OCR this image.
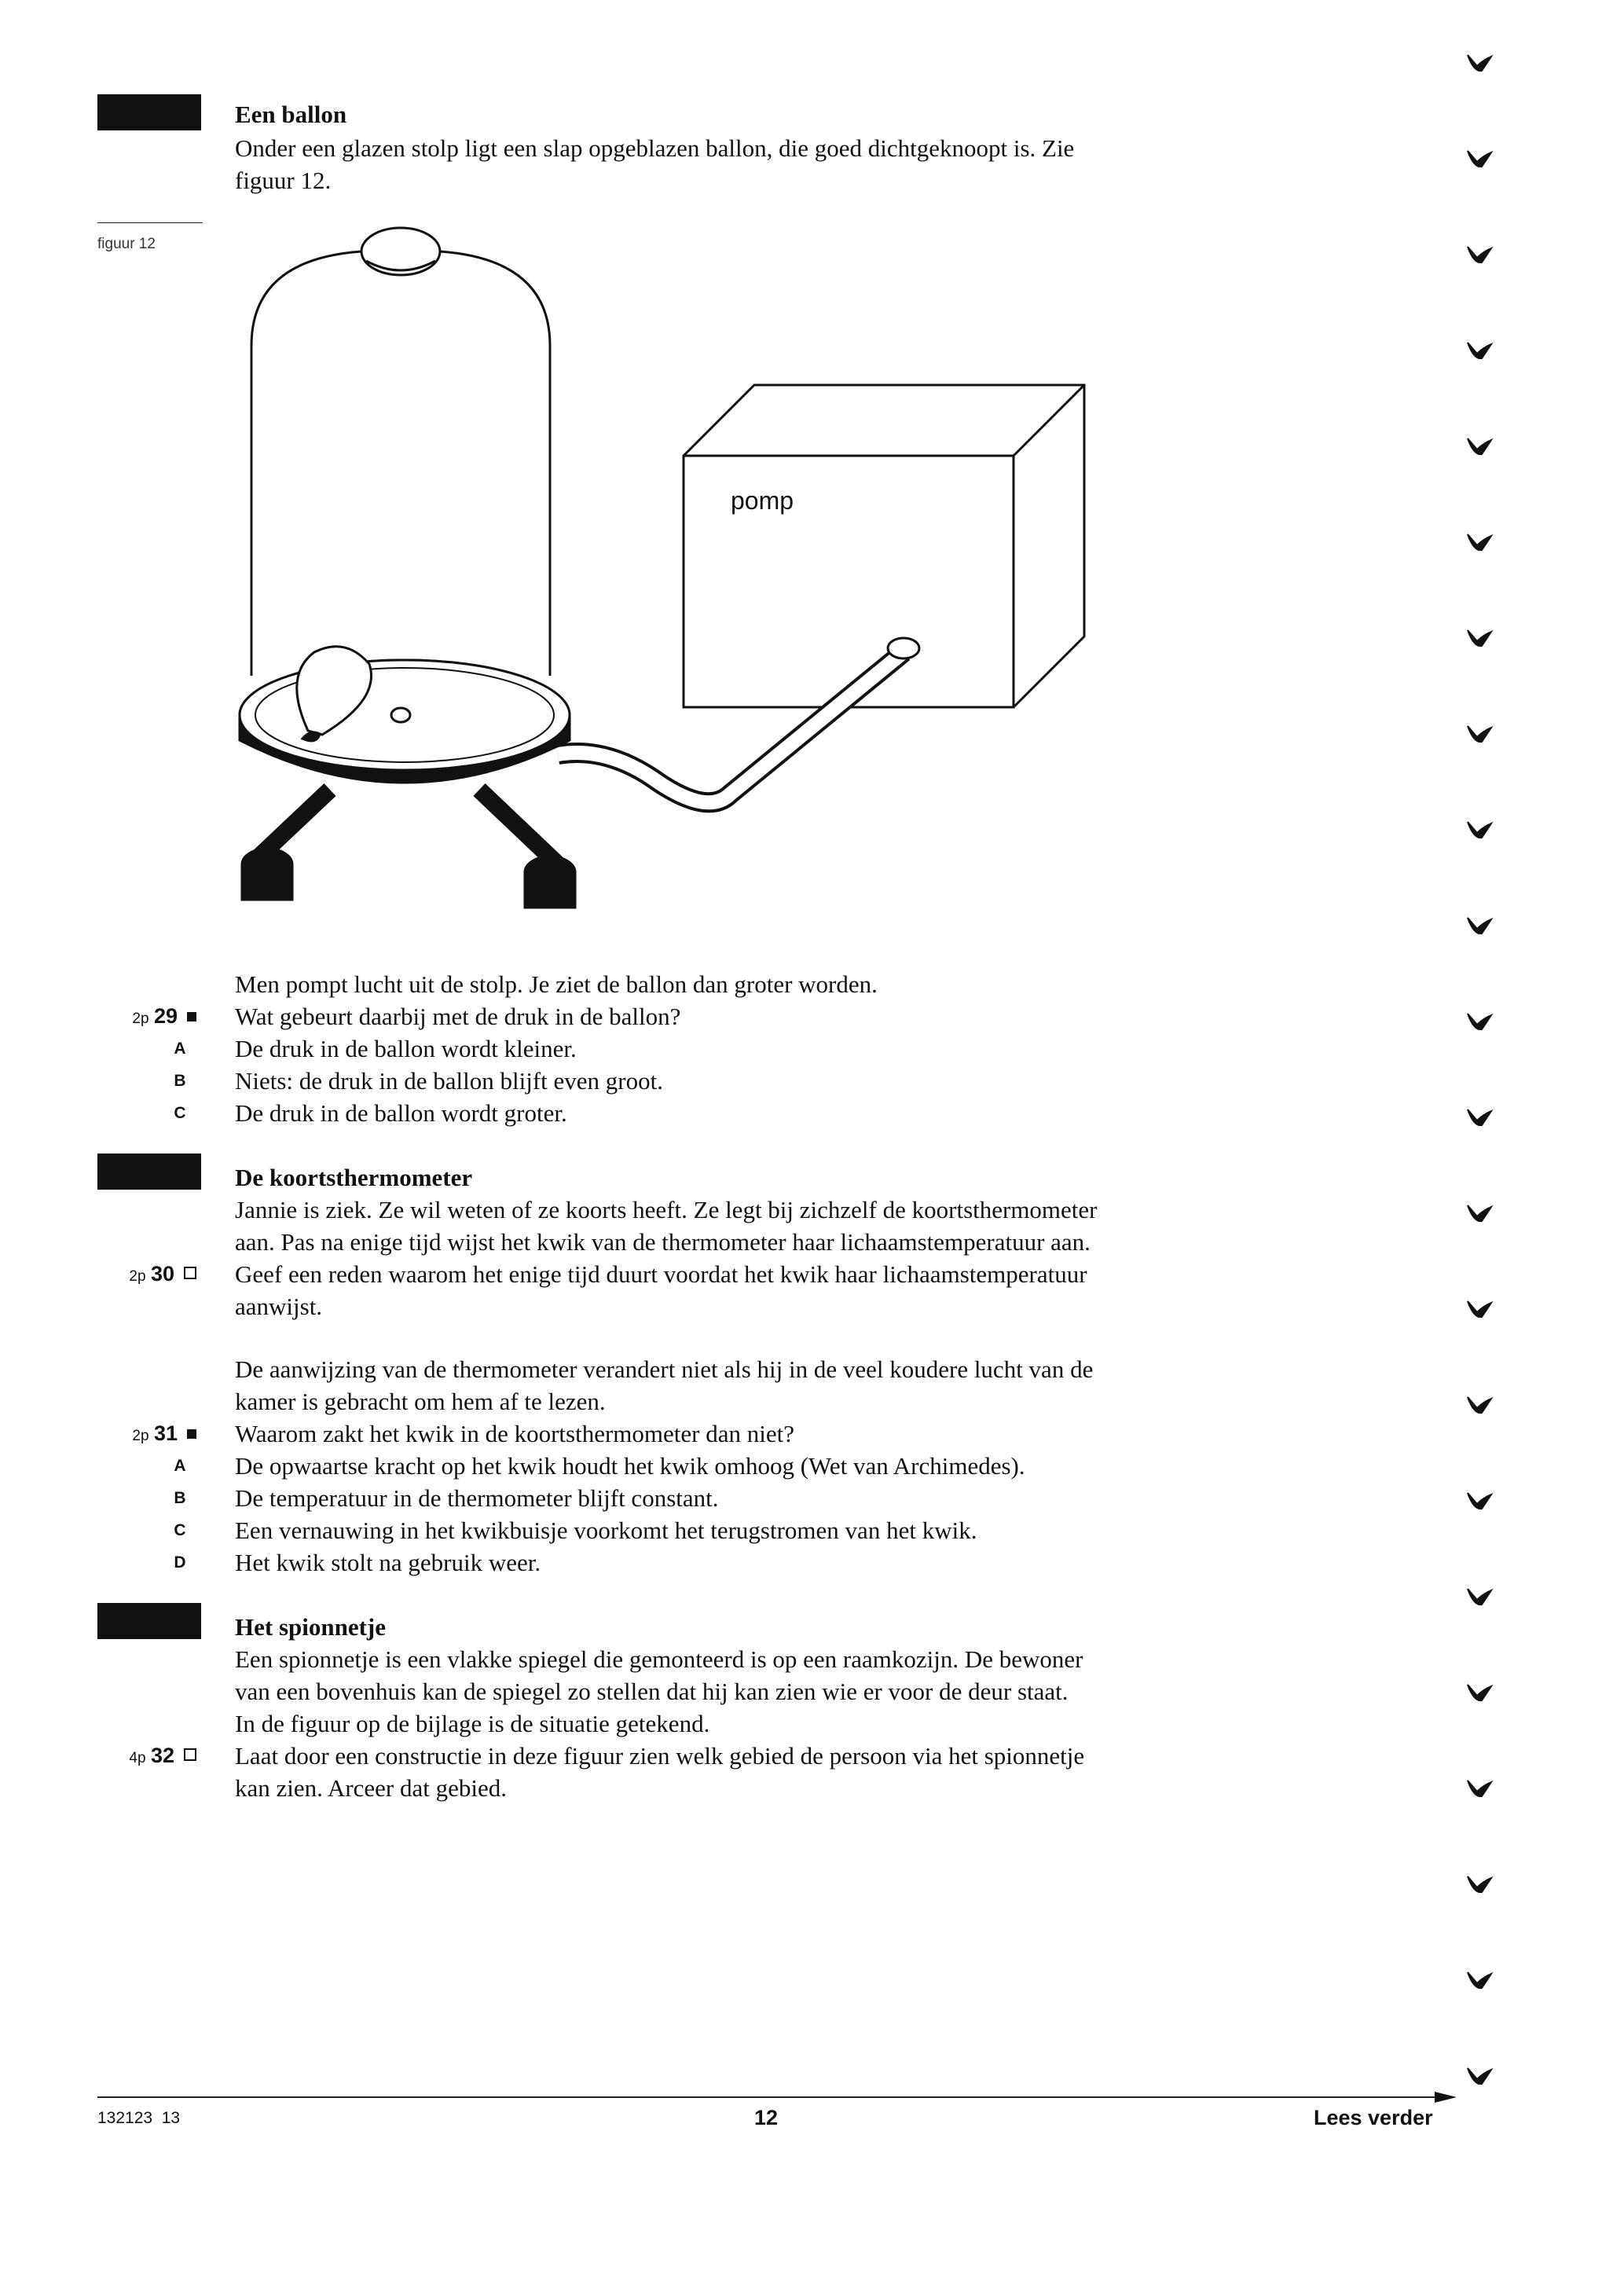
Een ballon
Onder een glazen stolp ligt een slap opgeblazen ballon, die goed dichtgeknoopt is. Zie
figuur 12.
figuur 12
pomp
Men pompt lucht uit de stolp. Je ziet de ballon dan groter worden.
2p 29	Wat gebeurt daarbij met de druk in de ballon?
A De druk in de ballon wordt kleiner.
B Niets: de druk in de ballon blijft even groot.
C De druk in de ballon wordt groter.
De koortsthermometer
Jannie is ziek. Ze wil weten of ze koorts heeft. Ze legt bij zichzelf de koortsthermometer
aan. Pas na enige tijd wijst het kwik van de thermometer haar lichaamstemperatuur aan.
2p 30	Geef een reden waarom het enige tijd duurt voordat het kwik haar lichaamstemperatuur
aanwijst.
De aanwijzing van de thermometer verandert niet als hij in de veel koudere lucht van de
kamer is gebracht om hem af te lezen.
2p 31	Waarom zakt het kwik in de koortsthermometer dan niet?
A De opwaartse kracht op het kwik houdt het kwik omhoog (Wet van Archimedes).
B De temperatuur in de thermometer blijft constant.
C Een vernauwing in het kwikbuisje voorkomt het terugstromen van het kwik.
D Het kwik stolt na gebruik weer.
Het spionnetje
Een spionnetje is een vlakke spiegel die gemonteerd is op een raamkozijn. De bewoner
van een bovenhuis kan de spiegel zo stellen dat hij kan zien wie er voor de deur staat.
In de figuur op de bijlage is de situatie getekend.
4p 32	Laat door een constructie in deze figuur zien welk gebied de persoon via het spionnetje
kan zien. Arceer dat gebied.
132123  13	12	Lees verder
